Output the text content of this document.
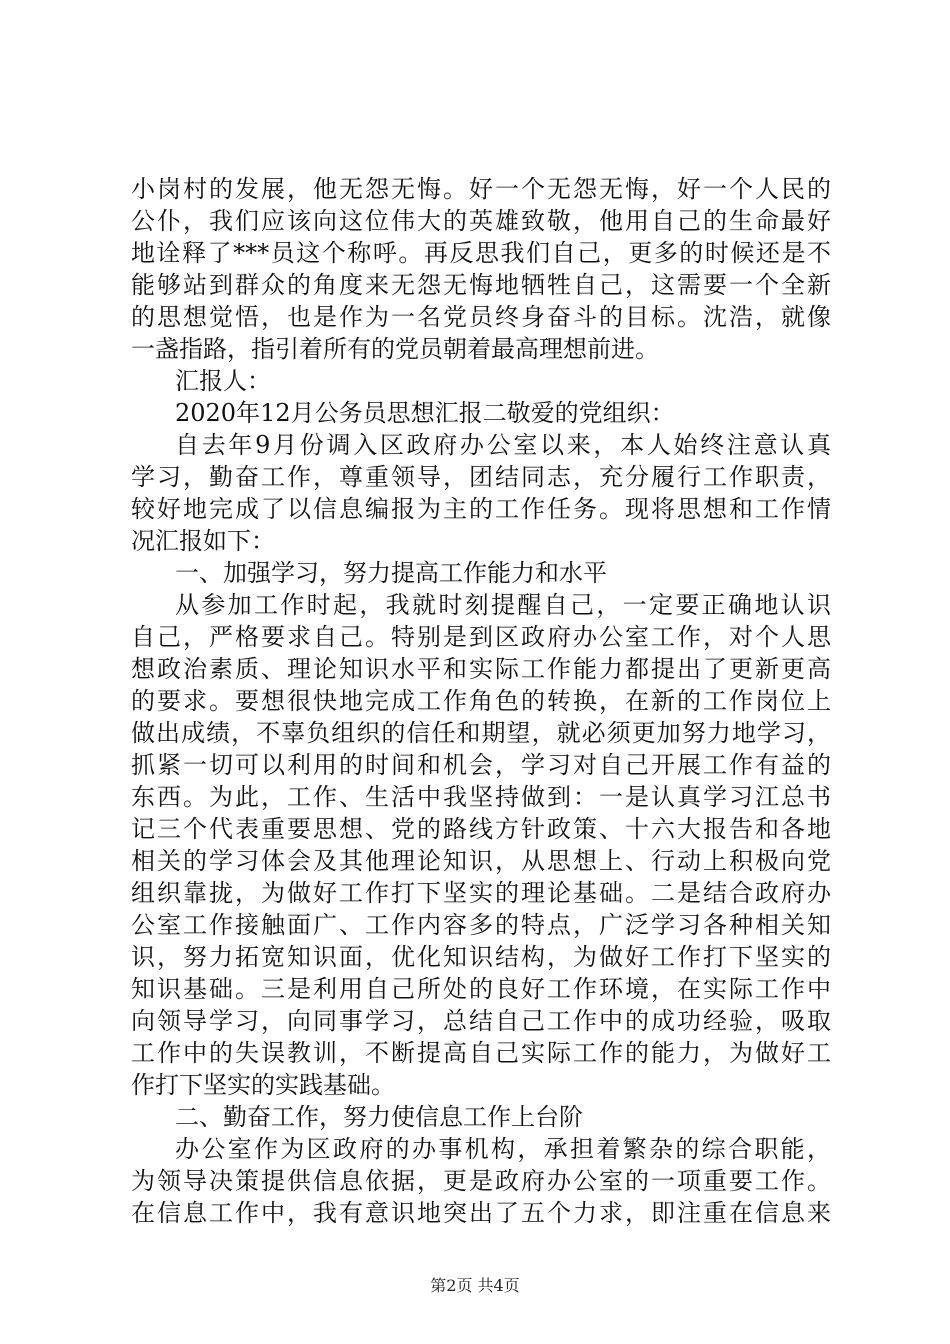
小岗村的发展，他无怨无悔。好一个无怨无悔，好一个人民的
公仆，我们应该向这位伟大的英雄致敬，他用自己的生命最好
地诠释了***员这个称呼。再反思我们自己，更多的时候还是不
能够站到群众的角度来无怨无悔地牺牲自己，这需要一个全新
的思想觉悟，也是作为一名党员终身奋斗的目标。沈浩，就像
一盏指路，指引着所有的党员朝着最高理想前进。
汇报人：
2020年12月公务员思想汇报二敬爱的党组织：
自去年9月份调入区政府办公室以来，本人始终注意认真
学习，勤奋工作，尊重领导，团结同志，充分履行工作职责，
较好地完成了以信息编报为主的工作任务。现将思想和工作情
况汇报如下：
一、加强学习，努力提高工作能力和水平
从参加工作时起，我就时刻提醒自己，一定要正确地认识
自己，严格要求自己。特别是到区政府办公室工作，对个人思
想政治素质、理论知识水平和实际工作能力都提出了更新更高
的要求。要想很快地完成工作角色的转换，在新的工作岗位上
做出成绩，不辜负组织的信任和期望，就必须更加努力地学习，
抓紧一切可以利用的时间和机会，学习对自己开展工作有益的
东西。为此，工作、生活中我坚持做到：一是认真学习江总书
记三个代表重要思想、党的路线方针政策、十六大报告和各地
相关的学习体会及其他理论知识，从思想上、行动上积极向党
组织靠拢，为做好工作打下坚实的理论基础。二是结合政府办
公室工作接触面广、工作内容多的特点，广泛学习各种相关知
识，努力拓宽知识面，优化知识结构，为做好工作打下坚实的
知识基础。三是利用自己所处的良好工作环境，在实际工作中
向领导学习，向同事学习，总结自己工作中的成功经验，吸取
工作中的失误教训，不断提高自己实际工作的能力，为做好工
作打下坚实的实践基础。
二、勤奋工作，努力使信息工作上台阶
办公室作为区政府的办事机构，承担着繁杂的综合职能，
为领导决策提供信息依据，更是政府办公室的一项重要工作。
在信息工作中，我有意识地突出了五个力求，即注重在信息来
第2页 共4页
